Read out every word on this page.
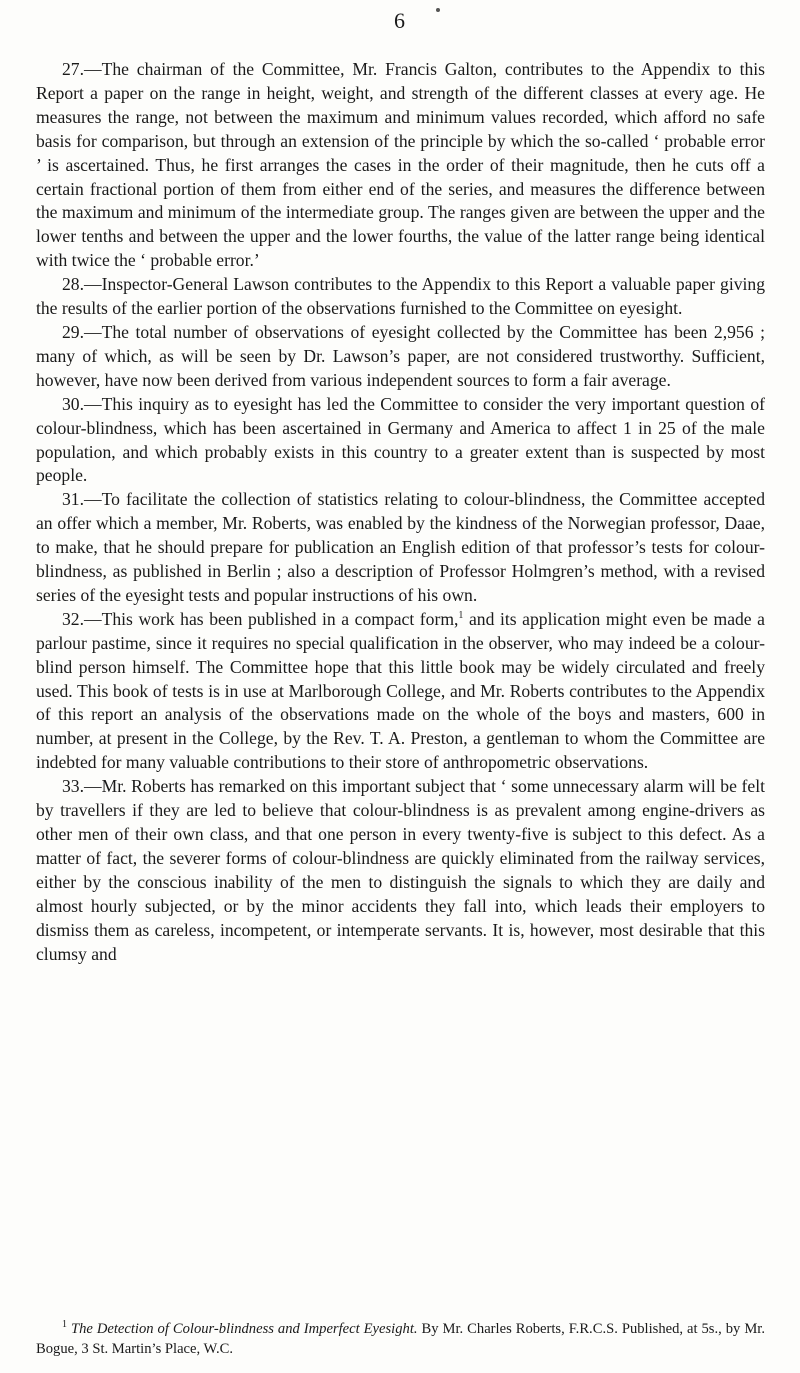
6

27.—The chairman of the Committee, Mr. Francis Galton, contributes to the Appendix to this Report a paper on the range in height, weight, and strength of the different classes at every age. He measures the range, not between the maximum and minimum values recorded, which afford no safe basis for comparison, but through an extension of the principle by which the so-called ‘ probable error ’ is ascertained. Thus, he first arranges the cases in the order of their magnitude, then he cuts off a certain fractional portion of them from either end of the series, and measures the difference between the maximum and minimum of the intermediate group. The ranges given are between the upper and the lower tenths and between the upper and the lower fourths, the value of the latter range being identical with twice the ‘ probable error.’

28.—Inspector-General Lawson contributes to the Appendix to this Report a valuable paper giving the results of the earlier portion of the observations furnished to the Committee on eyesight.

29.—The total number of observations of eyesight collected by the Committee has been 2,956 ; many of which, as will be seen by Dr. Lawson’s paper, are not considered trustworthy. Sufficient, however, have now been derived from various independent sources to form a fair average.

30.—This inquiry as to eyesight has led the Committee to consider the very important question of colour-blindness, which has been ascertained in Germany and America to affect 1 in 25 of the male population, and which probably exists in this country to a greater extent than is suspected by most people.

31.—To facilitate the collection of statistics relating to colour-blindness, the Committee accepted an offer which a member, Mr. Roberts, was enabled by the kindness of the Norwegian professor, Daae, to make, that he should prepare for publication an English edition of that professor’s tests for colour-blindness, as published in Berlin ; also a description of Professor Holmgren’s method, with a revised series of the eyesight tests and popular instructions of his own.

32.—This work has been published in a compact form,$^1$ and its application might even be made a parlour pastime, since it requires no special qualification in the observer, who may indeed be a colour-blind person himself. The Committee hope that this little book may be widely circulated and freely used. This book of tests is in use at Marlborough College, and Mr. Roberts contributes to the Appendix of this report an analysis of the observations made on the whole of the boys and masters, 600 in number, at present in the College, by the Rev. T. A. Preston, a gentleman to whom the Committee are indebted for many valuable contributions to their store of anthropometric observations.

33.—Mr. Roberts has remarked on this important subject that ‘ some unnecessary alarm will be felt by travellers if they are led to believe that colour-blindness is as prevalent among engine-drivers as other men of their own class, and that one person in every twenty-five is subject to this defect. As a matter of fact, the severer forms of colour-blindness are quickly eliminated from the railway services, either by the conscious inability of the men to distinguish the signals to which they are daily and almost hourly subjected, or by the minor accidents they fall into, which leads their employers to dismiss them as careless, incompetent, or intemperate servants. It is, however, most desirable that this clumsy and

$^1$ The Detection of Colour-blindness and Imperfect Eyesight. By Mr. Charles Roberts, F.R.C.S. Published, at 5s., by Mr. Bogue, 3 St. Martin’s Place, W.C.
